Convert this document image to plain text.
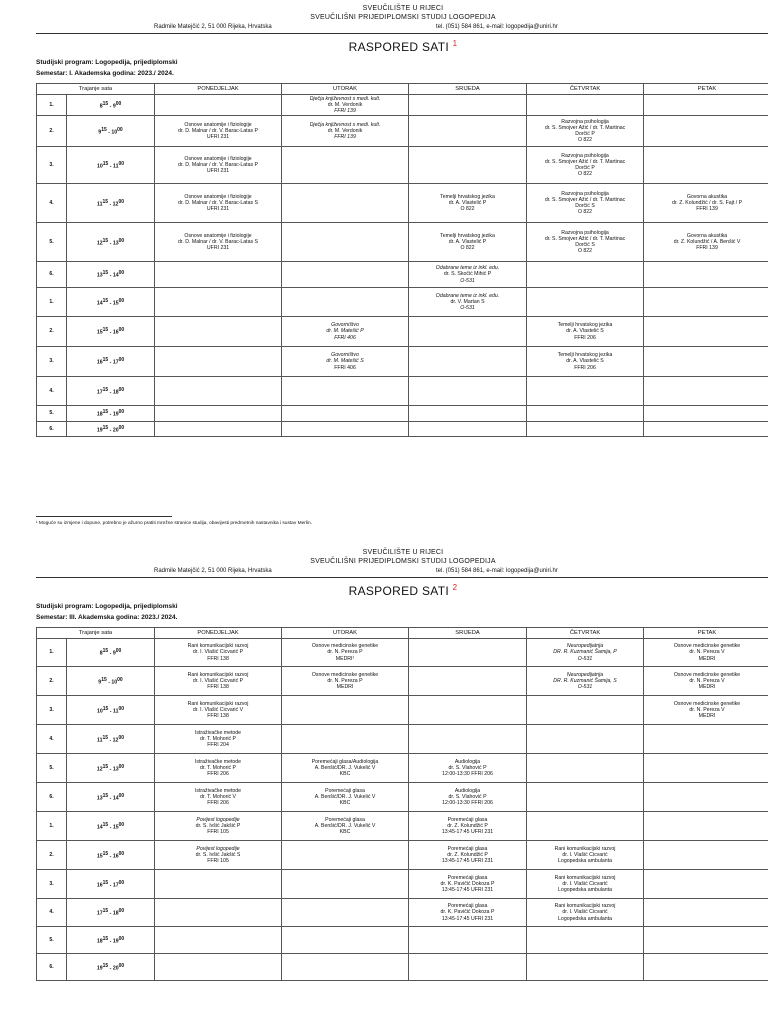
SVEUČILIŠTE U RIJECI
SVEUČILIŠNI PRIJEDIPLOMSKI STUDIJ LOGOPEDIJA
Radmile Matejčić 2, 51 000 Rijeka, Hrvatska	tel. (051) 584 861, e-mail: logopedija@uniri.hr
RASPORED SATI $^1$
Studijski program: Logopedija, prijediplomski
Semestar: I. Akademska godina: 2023./ 2024.
Trajanje sata		PONEDJELJAK	UTORAK	SRIJEDA	ČETVRTAK	PETAK
1.	$8^{15} - 9^{00}$		Dječja književnost s medi. kult.
dr. M. Verdonik
FFRI 139			

2.	$9^{15} - 10^{00}$	Osnove anatomije i fiziologije
dr. D. Malnar / dr. V. Barac-Latas P
UFRI 231	Dječja književnost s medi. kult.
dr. M. Verdonik
FFRI 139		Razvojna psihologija
dr. S. Smojver Ažić / dr. T. Martinac
Dorčić P
O 822	

3.	$10^{15} - 11^{00}$	Osnove anatomije i fiziologije
dr. D. Malnar / dr. V. Barac-Latas P
UFRI 231			Razvojna psihologija
dr. S. Smojver Ažić / dr. T. Martinac
Dorčić P
O 822	

4.	$11^{15} - 12^{00}$	Osnove anatomije i fiziologije
dr. D. Malnar / dr. V. Barac-Latas S
UFRI 231		Temelji hrvatskog jezika
dr. A. Vlastelić P
O 822	Razvojna psihologija
dr. S. Smojver Ažić / dr. T. Martinac
Dorčić S
O 822	Govorna akustika
dr. Z. Kolundžić / dr. S. Fajt / P
FFRI 139

5.	$12^{15} - 13^{00}$	Osnove anatomije i fiziologije
dr. D. Malnar / dr. V. Barac-Latas S
UFRI 231		Temelji hrvatskog jezika
dr. A. Vlastelić P
O 822	Razvojna psihologija
dr. S. Smojver Ažić / dr. T. Martinac
Dorčić S
O 822	Govorna akustika
dr. Z. Kolundžić / A. Benšić V
FFRI 139

6.	$13^{15} - 14^{00}$			Odabrane teme iz inkl. edu.
dr. S. Skočić Mihić P
O-531		

1.	$14^{15} - 15^{00}$			Odabrane teme iz inkl. edu.
dr. V. Martan S
O-531		

2.	$15^{15} - 16^{00}$		Govorništvo
dr. M. Matešić P
FFRI 406		Temelji hrvatskog jezika
dr. A. Vlastelić S
FFRI 206	

3.	$16^{15} - 17^{00}$		Govorništvo
dr. M. Matešić S
FFRI 406		Temelji hrvatskog jezika
dr. A. Vlastelić S
FFRI 206	

4.	$17^{15} - 18^{00}$					
5.	$18^{15} - 19^{00}$					
6.	$19^{15} - 20^{00}$					
¹ Moguće su izmjene i dopune, potrebno je ažurno pratiti mrežne stranice studija, obavijesti predmetnih nastavnika i sustav Merlin.
SVEUČILIŠTE U RIJECI
SVEUČILIŠNI PRIJEDIPLOMSKI STUDIJ LOGOPEDIJA
Radmile Matejčić 2, 51 000 Rijeka, Hrvatska	tel. (051) 584 861, e-mail: logopedija@uniri.hr
RASPORED SATI $^2$
Studijski program: Logopedija, prijediplomski
Semestar: III. Akademska godina: 2023./ 2024.
Trajanje sata		PONEDJELJAK	UTORAK	SRIJEDA	ČETVRTAK	PETAK
1.	$8^{15} - 9^{00}$	Rani komunikacijski razvoj
dr. I. Vlašić Cicvarić P
FFRI 138	Osnove medicinske genetike
dr. N. Pereza P
MEDRI¹		Neuropedijatrija
DR. R. Kuzmanić Šamija, P
O-531	Osnove medicinske genetike
dr. N. Pereza V
MEDRI

2.	$9^{15} - 10^{00}$	Rani komunikacijski razvoj
dr. I. Vlašić Cicvarić P
FFRI 138	Osnove medicinske genetike
dr. N. Pereza P
MEDRI		Neuropedijatrija
DR. R. Kuzmanić Šamija, S
O-531	Osnove medicinske genetike
dr. N. Pereza V
MEDRI

3.	$10^{15} - 11^{00}$	Rani komunikacijski razvoj
dr. I. Vlašić Cicvarić V
FFRI 138				Osnove medicinske genetike
dr. N. Pereza V
MEDRI

4.	$11^{15} - 12^{00}$	Istraživačke metode
dr. T. Mohorić P
FFRI 204				

5.	$12^{15} - 13^{00}$	Istraživačke metode
dr. T. Mohorić P
FFRI 206	Poremećaji glasa/Audiologija
A. Benšić/DR. J. Vukelić V
KBC	Audiologija
dr. S. Vlahović P
12:00-13:30 FFRI 206		

6.	$13^{15} - 14^{00}$	Istraživačke metode
dr. T. Mohorić V
FFRI 206	Poremećaji glasa
A. Benšić/DR. J. Vukelić V
KBC	Audiologija
dr. S. Vlahović P
12:00-13:30 FFRI 206		

1.	$14^{15} - 15^{00}$	Povijest logopedije
dr. S. Ivšić Jakšić P
FFRI 105	Poremećaji glasa
A. Benšić/DR. J. Vukelić V
KBC	Poremećaji glasa
dr. Z. Kolundžić P
13:45-17:45 UFRI 231		

2.	$15^{15} - 16^{00}$	Povijest logopedije
dr. S. Ivšić Jakšić S
FFRI 105		Poremećaji glasa
dr. Z. Kolundžić P
13:45-17:45 UFRI 231	Rani komunikacijski razvoj
dr. I. Vlašić Cicvarić
Logopedska ambulanta	

3.	$16^{15} - 17^{00}$			Poremećaji glasa
dr. K. Pavičić Dokoza P
13:45-17:45 UFRI 231	Rani komunikacijski razvoj
dr. I. Vlašić Cicvarić
Logopedska ambulanta	

4.	$17^{15} - 18^{00}$			Poremećaji glasa
dr. K. Pavičić Dokoza P
13:45-17:45 UFRI 231	Rani komunikacijski razvoj
dr. I. Vlašić Cicvarić
Logopedska ambulanta	

5.	$18^{15} - 19^{00}$					
6.	$19^{15} - 20^{00}$					
